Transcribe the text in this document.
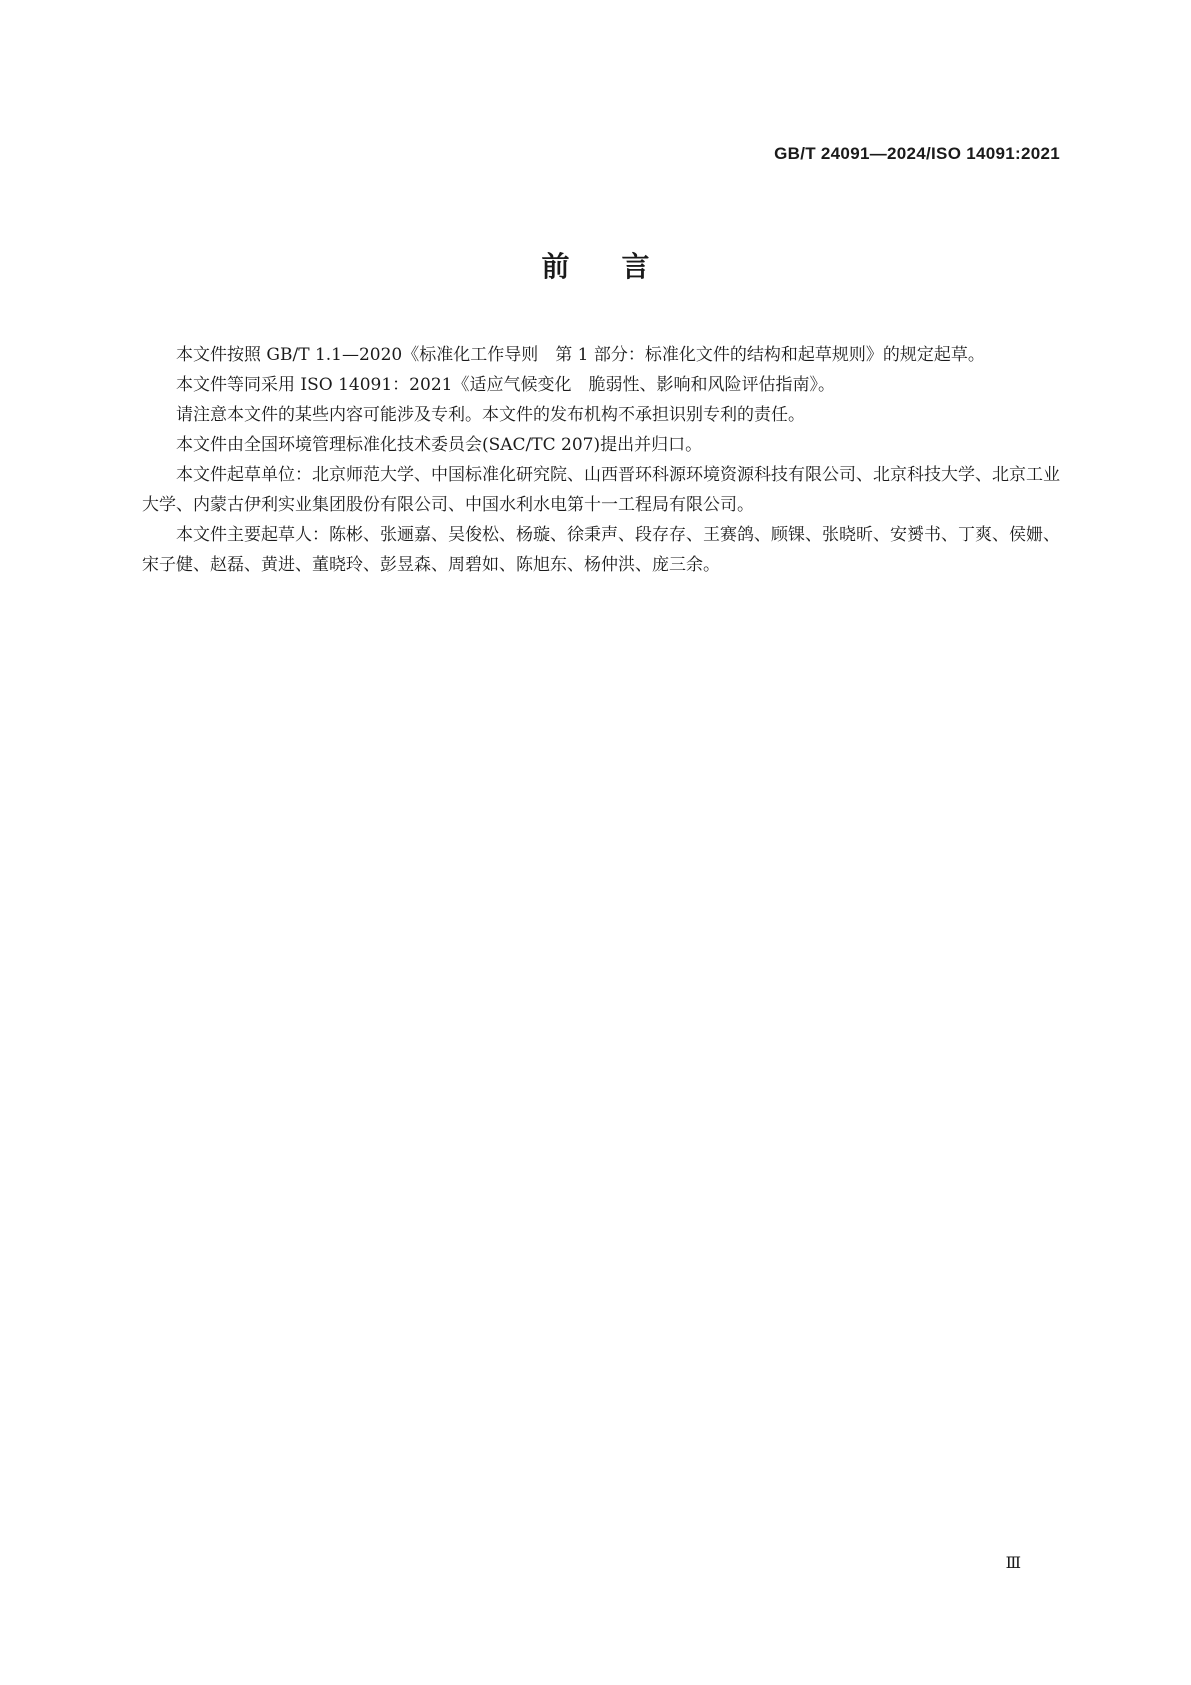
GB/T 24091—2024/ISO 14091:2021
前言

本文件按照 GB/T 1.1—2020《标准化工作导则　第 1 部分：标准化文件的结构和起草规则》的规定起草。

本文件等同采用 ISO 14091：2021《适应气候变化　脆弱性、影响和风险评估指南》。

请注意本文件的某些内容可能涉及专利。本文件的发布机构不承担识别专利的责任。

本文件由全国环境管理标准化技术委员会(SAC/TC 207)提出并归口。

本文件起草单位：北京师范大学、中国标准化研究院、山西晋环科源环境资源科技有限公司、北京科技大学、北京工业大学、内蒙古伊利实业集团股份有限公司、中国水利水电第十一工程局有限公司。

本文件主要起草人：陈彬、张逦嘉、吴俊松、杨璇、徐秉声、段存存、王赛鸽、顾锞、张晓昕、安赟书、丁爽、侯姗、宋子健、赵磊、黄进、董晓玲、彭昱森、周碧如、陈旭东、杨仲洪、庞三余。

Ⅲ
